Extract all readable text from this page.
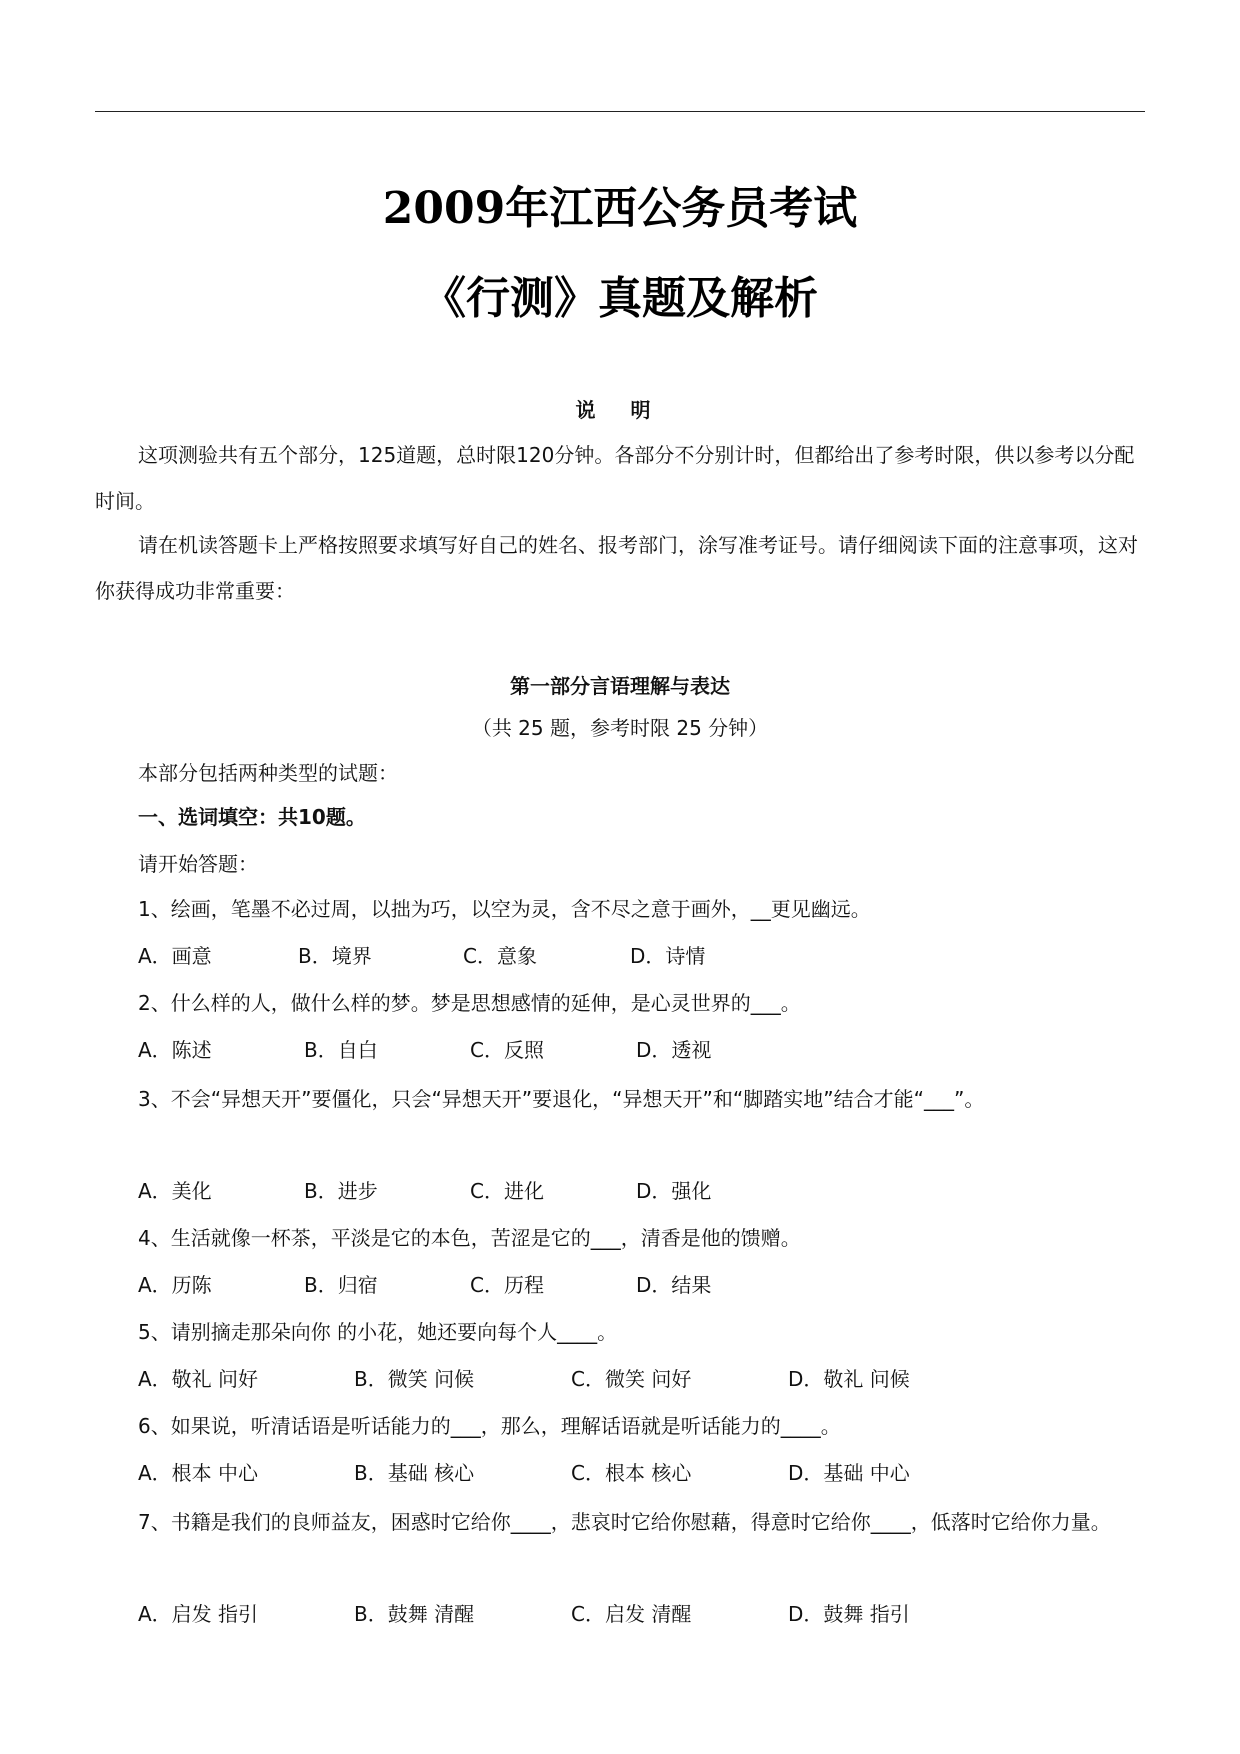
2009年江西公务员考试
《行测》真题及解析
说 明
这项测验共有五个部分，125道题，总时限120分钟。各部分不分别计时，但都给出了参考时限，供以参考以分配时间。
请在机读答题卡上严格按照要求填写好自己的姓名、报考部门，涂写准考证号。请仔细阅读下面的注意事项，这对你获得成功非常重要：
第一部分言语理解与表达
（共 25 题，参考时限 25 分钟）
本部分包括两种类型的试题：
一、选词填空：共10题。
请开始答题：
1、绘画，笔墨不必过周，以拙为巧，以空为灵，含不尽之意于画外，__更见幽远。
A．画意	B．境界	C．意象	D．诗情
2、什么样的人，做什么样的梦。梦是思想感情的延伸，是心灵世界的___。
A．陈述	B．自白	C．反照	D．透视
3、不会“异想天开”要僵化，只会“异想天开”要退化，“异想天开”和“脚踏实地”结合才能“___”。
A．美化	B．进步	C．进化	D．强化
4、生活就像一杯茶，平淡是它的本色，苦涩是它的___，清香是他的馈赠。
A．历陈	B．归宿	C．历程	D．结果
5、请别摘走那朵向你 的小花，她还要向每个人____。
A．敬礼 问好	B．微笑 问候	C．微笑 问好	D．敬礼 问候
6、如果说，听清话语是听话能力的___，那么，理解话语就是听话能力的____。
A．根本 中心	B．基础 核心	C．根本 核心	D．基础 中心
7、书籍是我们的良师益友，困惑时它给你____，悲哀时它给你慰藉，得意时它给你____，低落时它给你力量。
A．启发 指引	B．鼓舞 清醒	C．启发 清醒	D．鼓舞 指引
